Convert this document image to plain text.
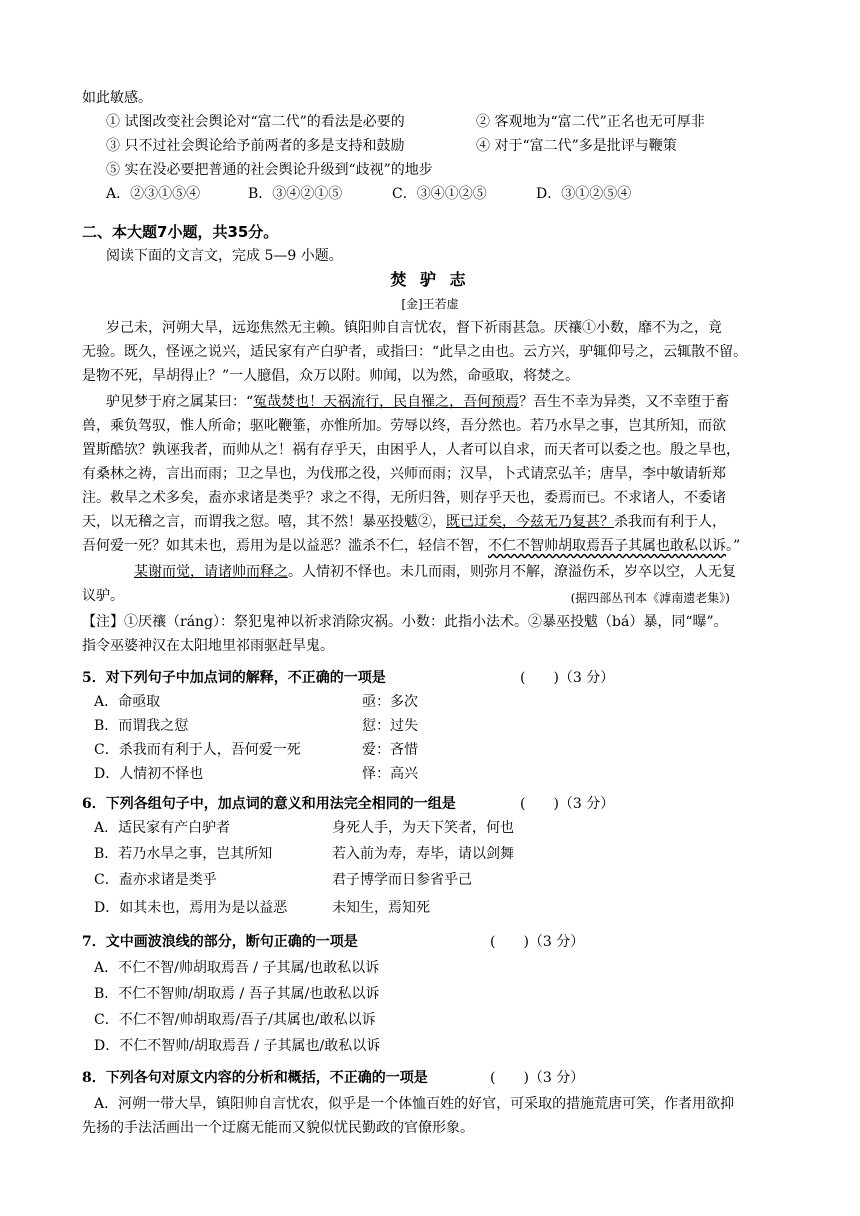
如此敏感。
① 试图改变社会舆论对“富二代”的看法是必要的	② 客观地为“富二代”正名也无可厚非
③ 只不过社会舆论给予前两者的多是支持和鼓励	④ 对于“富二代”多是批评与鞭策
⑤ 实在没必要把普通的社会舆论升级到“歧视”的地步
A．②③①⑤④	B．③④②①⑤	C．③④①②⑤	D．③①②⑤④
二、本大题7小题，共35分。
阅读下面的文言文，完成 5—9 小题。
焚 驴 志
[金]王若虚
岁己未，河朔大旱，远迩焦然无主赖。镇阳帅自言忧农，督下祈雨甚急。厌禳①小数，靡不为之，竟
无验。既久，怪诬之说兴，适民家有产白驴者，或指曰：“此旱之由也。云方兴，驴辄仰号之，云辄散不留。
是物不死，旱胡得止？”一人臆倡，众万以附。帅闻，以为然，命亟取，将焚之。
驴见梦于府之属某曰：“冤哉焚也！天祸流行，民自罹之，吾何预焉？吾生不幸为异类，又不幸堕于畜
兽，乘负驾驭，惟人所命；驱叱鞭箠，亦惟所加。劳辱以终，吾分然也。若乃水旱之事，岂其所知，而欲
置斯酷欤？孰诬我者，而帅从之！祸有存乎天，由困乎人，人者可以自求，而天者可以委之也。殷之旱也，
有桑林之祷，言出而雨；卫之旱也，为伐邢之役，兴师而雨；汉旱，卜式请烹弘羊；唐旱，李中敏请斩郑
注。救旱之术多矣，盍亦求诸是类乎？求之不得，无所归咎，则存乎天也，委焉而已。不求诸人，不委诸
天，以无稽之言，而谓我之愆。嘻，其不然！暴巫投魃②，既已迂矣，今兹无乃复甚？杀我而有利于人，
吾何爱一死？如其未也，焉用为是以益恶？滥杀不仁，轻信不智，不仁不智帅胡取焉吾子其属也敢私以诉。”
某谢而觉，请诸帅而释之。人情初不怿也。未几而雨，则弥月不解，潦溢伤禾，岁卒以空，人无复
议驴。	(据四部丛刊本《滹南遗老集》)
【注】①厌禳（ráng）：祭犯鬼神以祈求消除灾祸。小数：此指小法术。②暴巫投魃（bá）暴，同“曝”。
指令巫婆神汉在太阳地里祁雨驱赶旱鬼。
5．对下列句子中加点词的解释，不正确的一项是	(　　)（3 分）
A．命亟取	亟：多次
B．而谓我之愆	愆：过失
C．杀我而有利于人，吾何爱一死	爱：吝惜
D．人情初不怿也	怿：高兴
6．下列各组句子中，加点词的意义和用法完全相同的一组是	(　　)（3 分）
A．适民家有产白驴者	身死人手，为天下笑者，何也
B．若乃水旱之事，岂其所知	若入前为寿，寿毕，请以剑舞
C．盍亦求诸是类乎	君子博学而日参省乎己
D．如其未也，焉用为是以益恶	未知生，焉知死
7．文中画波浪线的部分，断句正确的一项是	(　　)（3 分）
A．不仁不智/帅胡取焉吾 / 子其属/也敢私以诉
B．不仁不智帅/胡取焉 / 吾子其属/也敢私以诉
C．不仁不智/帅胡取焉/吾子/其属也/敢私以诉
D．不仁不智帅/胡取焉吾 / 子其属也/敢私以诉
8．下列各句对原文内容的分析和概括，不正确的一项是	(　　)（3 分）
A．河朔一带大旱，镇阳帅自言忧农，似乎是一个体恤百姓的好官，可采取的措施荒唐可笑，作者用欲抑
先扬的手法活画出一个迂腐无能而又貌似忧民勤政的官僚形象。
